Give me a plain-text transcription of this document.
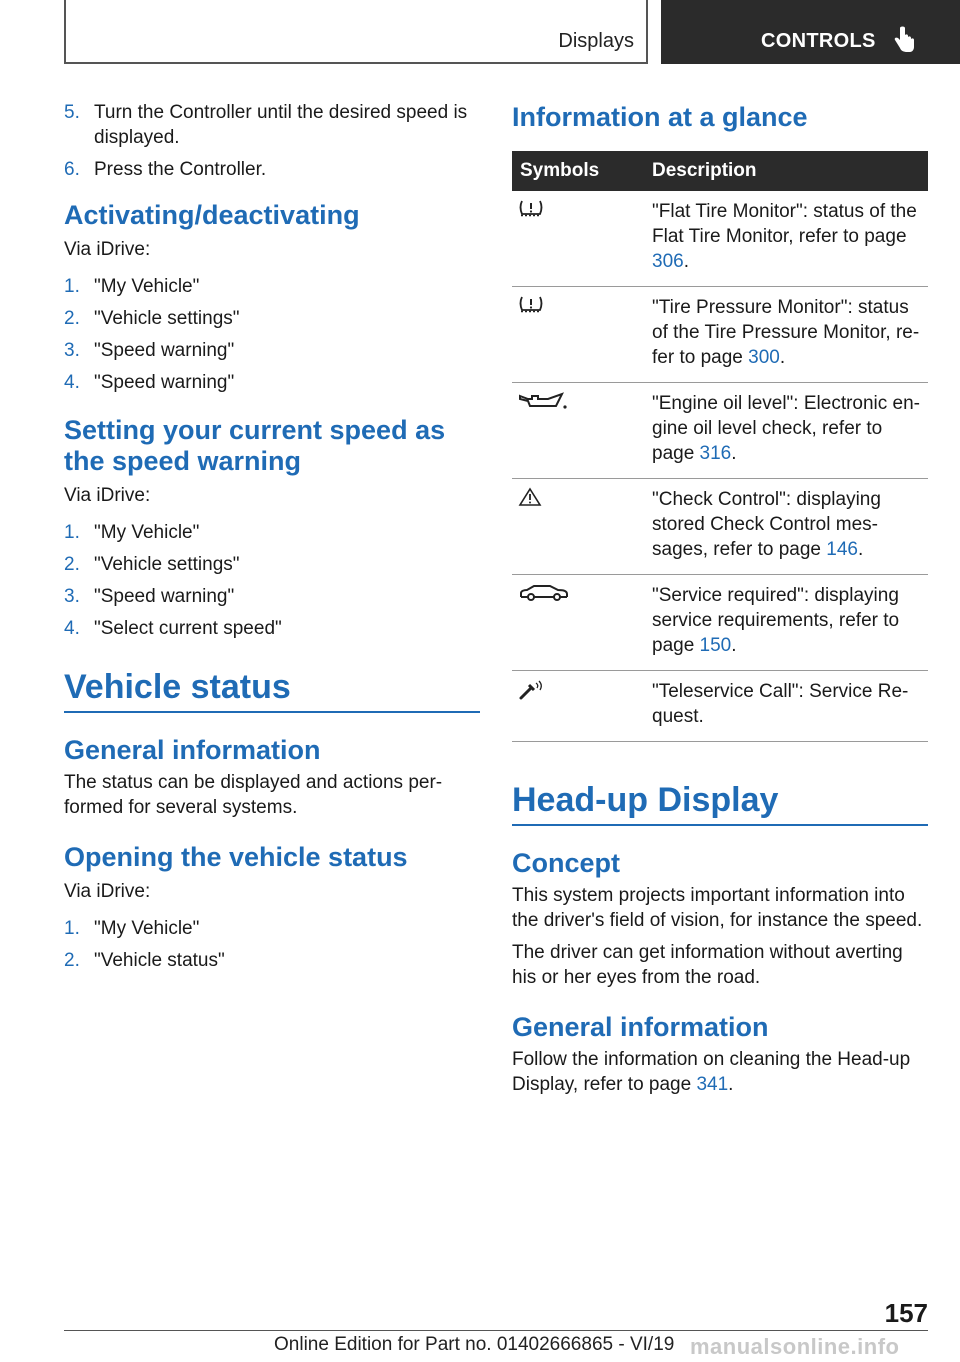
Displays	CONTROLS
5. Turn the Controller until the desired speed is displayed.
6. Press the Controller.
Activating/deactivating

Via iDrive:

1. "My Vehicle"
2. "Vehicle settings"
3. "Speed warning"
4. "Speed warning"
Setting your current speed as the speed warning

Via iDrive:

1. "My Vehicle"
2. "Vehicle settings"
3. "Speed warning"
4. "Select current speed"
Vehicle status
General information

The status can be displayed and actions per- formed for several systems.

Opening the vehicle status

Via iDrive:

1. "My Vehicle"
2. "Vehicle status"
Information at a glance
Symbols	Description
	"Flat Tire Monitor": status of the Flat Tire Monitor, refer to page 306.
	"Tire Pressure Monitor": status of the Tire Pressure Monitor, re- fer to page 300.
	"Engine oil level": Electronic en- gine oil level check, refer to page 316.
	"Check Control": displaying stored Check Control mes- sages, refer to page 146.
	"Service required": displaying service requirements, refer to page 150.
	"Teleservice Call": Service Re- quest.
Head-up Display
Concept

This system projects important information into the driver's field of vision, for instance the speed.

The driver can get information without averting his or her eyes from the road.

General information

Follow the information on cleaning the Head-up Display, refer to page 341.

157
Online Edition for Part no. 01402666865 - VI/19 manualsonline.info
